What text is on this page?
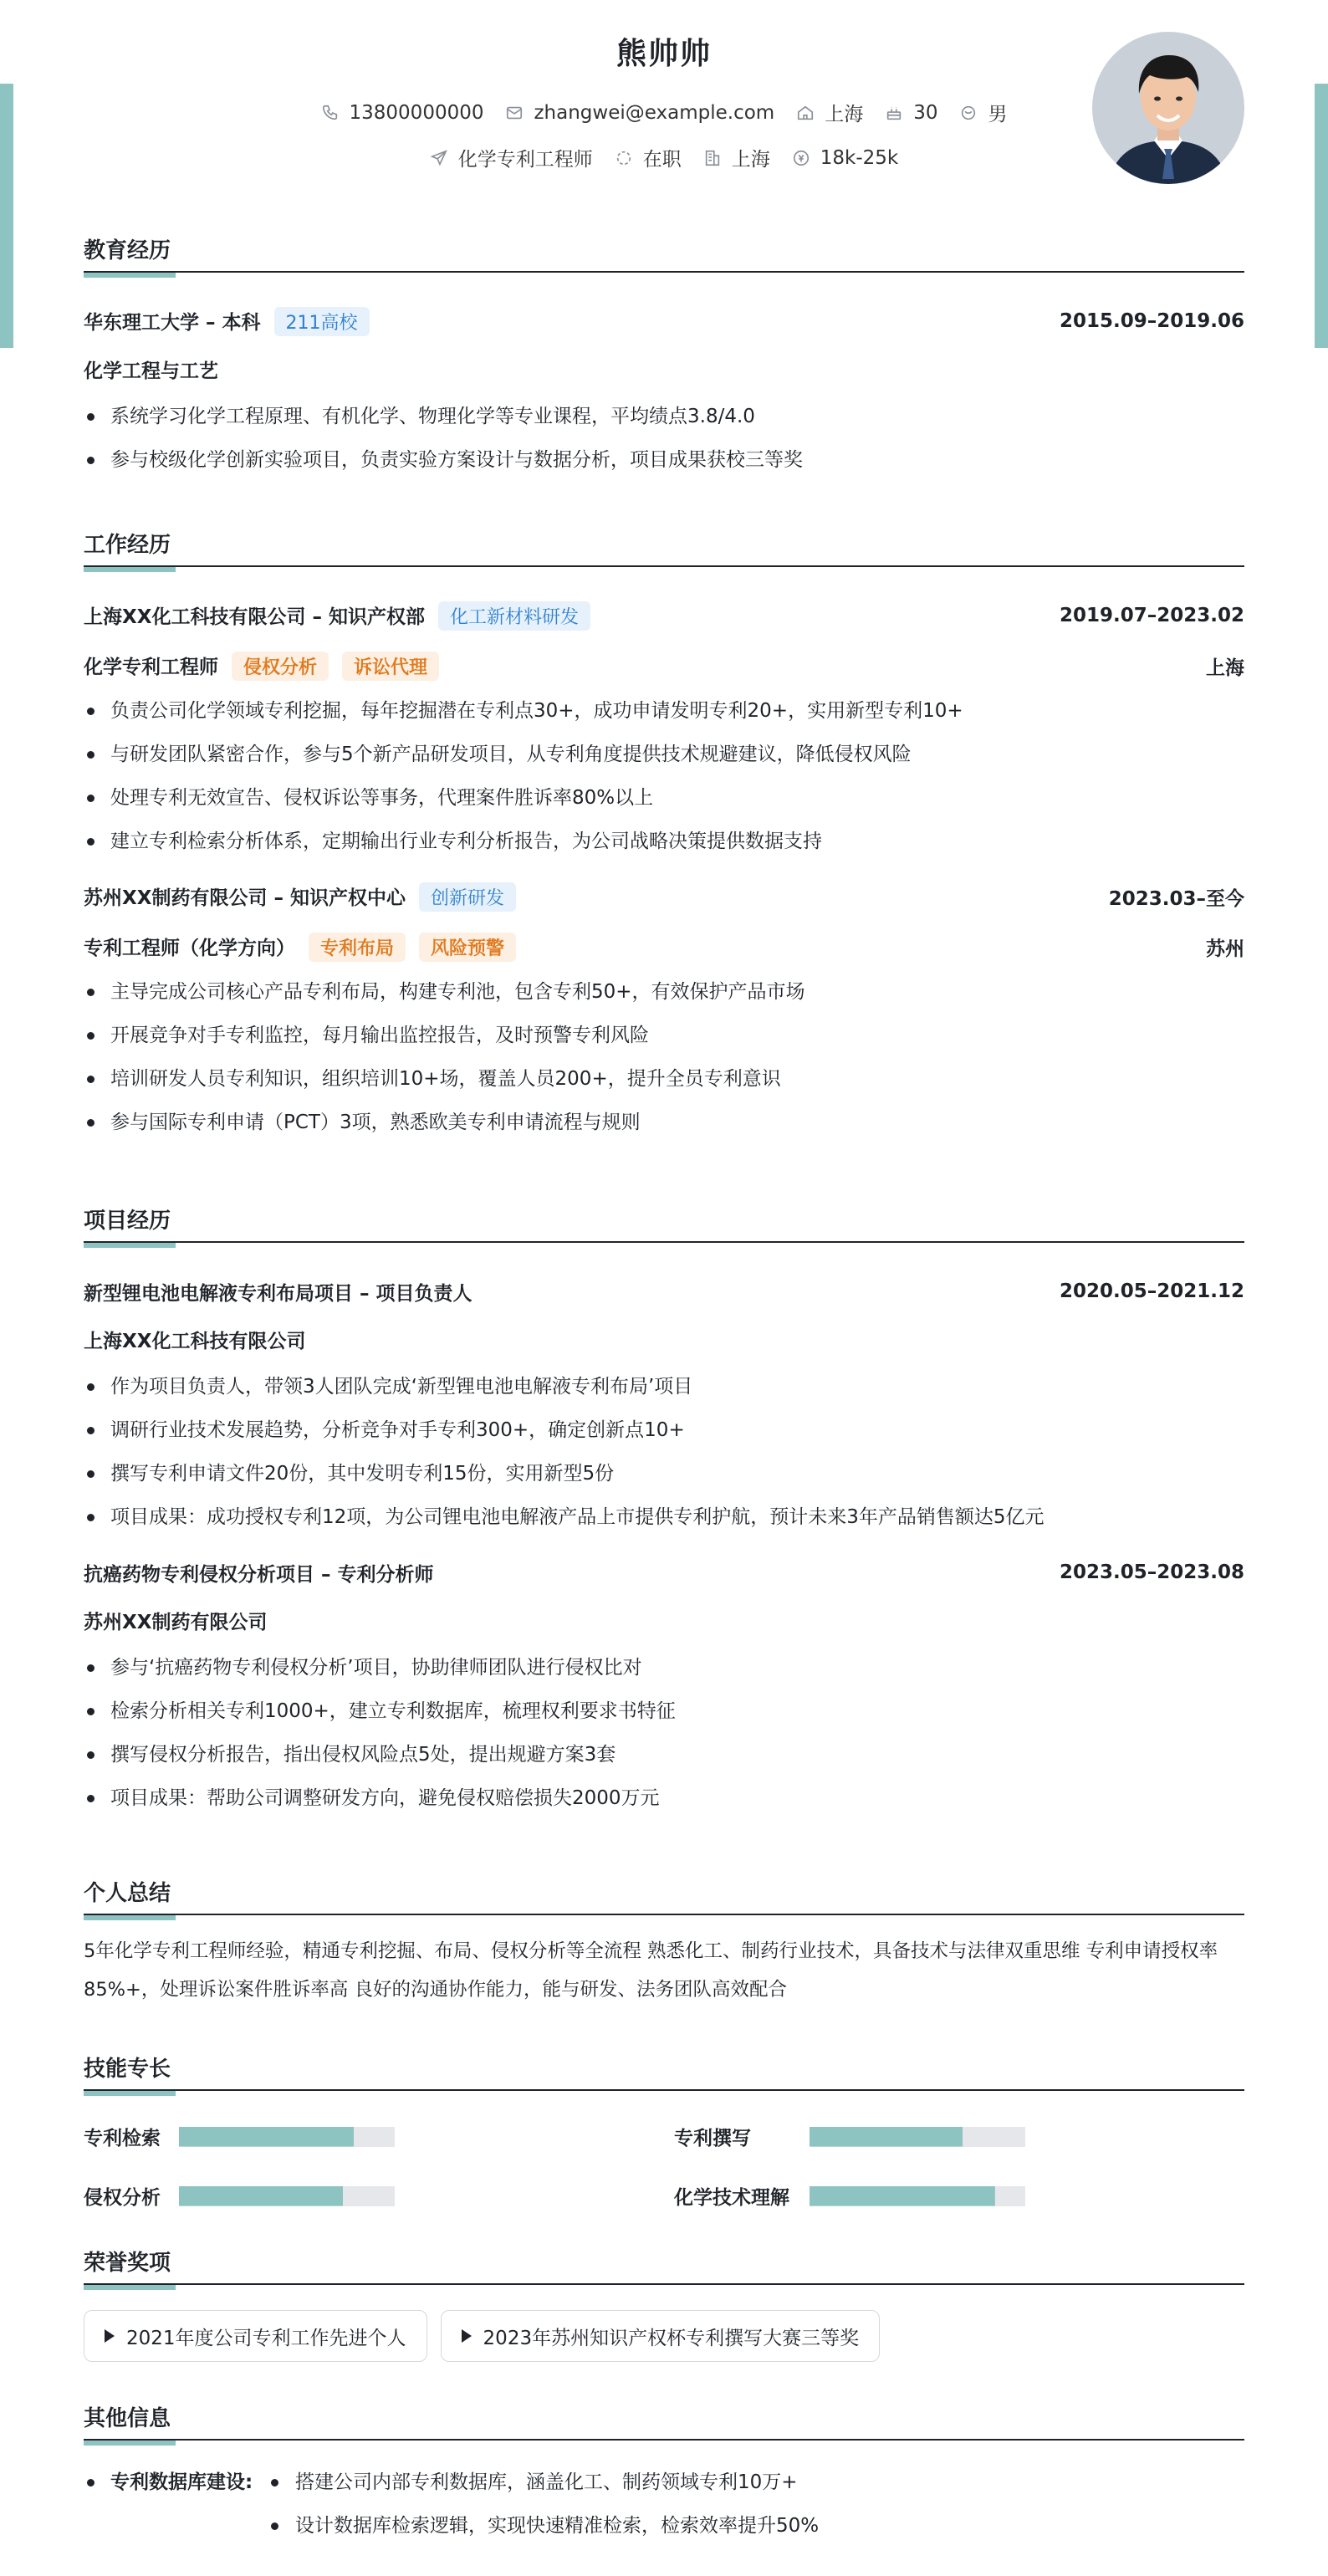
熊帅帅
13800000000	zhangwei@example.com	上海	30	男
化学专利工程师	在职	上海	18k-25k
教育经历
华东理工大学 – 本科 211高校	2015.09–2019.06
化学工程与工艺
系统学习化学工程原理、有机化学、物理化学等专业课程，平均绩点3.8/4.0
参与校级化学创新实验项目，负责实验方案设计与数据分析，项目成果获校三等奖
工作经历
上海XX化工科技有限公司 – 知识产权部 化工新材料研发	2019.07–2023.02
化学专利工程师 侵权分析 诉讼代理	上海
负责公司化学领域专利挖掘，每年挖掘潜在专利点30+，成功申请发明专利20+，实用新型专利10+
与研发团队紧密合作，参与5个新产品研发项目，从专利角度提供技术规避建议，降低侵权风险
处理专利无效宣告、侵权诉讼等事务，代理案件胜诉率80%以上
建立专利检索分析体系，定期输出行业专利分析报告，为公司战略决策提供数据支持
苏州XX制药有限公司 – 知识产权中心 创新研发	2023.03–至今
专利工程师（化学方向） 专利布局 风险预警	苏州
主导完成公司核心产品专利布局，构建专利池，包含专利50+，有效保护产品市场
开展竞争对手专利监控，每月输出监控报告，及时预警专利风险
培训研发人员专利知识，组织培训10+场，覆盖人员200+，提升全员专利意识
参与国际专利申请（PCT）3项，熟悉欧美专利申请流程与规则
项目经历
新型锂电池电解液专利布局项目 – 项目负责人	2020.05–2021.12
上海XX化工科技有限公司
作为项目负责人，带领3人团队完成‘新型锂电池电解液专利布局’项目
调研行业技术发展趋势，分析竞争对手专利300+，确定创新点10+
撰写专利申请文件20份，其中发明专利15份，实用新型5份
项目成果：成功授权专利12项，为公司锂电池电解液产品上市提供专利护航，预计未来3年产品销售额达5亿元
抗癌药物专利侵权分析项目 – 专利分析师	2023.05–2023.08
苏州XX制药有限公司
参与‘抗癌药物专利侵权分析’项目，协助律师团队进行侵权比对
检索分析相关专利1000+，建立专利数据库，梳理权利要求书特征
撰写侵权分析报告，指出侵权风险点5处，提出规避方案3套
项目成果：帮助公司调整研发方向，避免侵权赔偿损失2000万元
个人总结
5年化学专利工程师经验，精通专利挖掘、布局、侵权分析等全流程 熟悉化工、制药行业技术，具备技术与法律双重思维 专利申请授权率85%+，处理诉讼案件胜诉率高 良好的沟通协作能力，能与研发、法务团队高效配合
技能专长
专利检索	专利撰写
侵权分析	化学技术理解
荣誉奖项
2021年度公司专利工作先进个人	2023年苏州知识产权杯专利撰写大赛三等奖
其他信息
专利数据库建设:	搭建公司内部专利数据库，涵盖化工、制药领域专利10万+
设计数据库检索逻辑，实现快速精准检索，检索效率提升50%
